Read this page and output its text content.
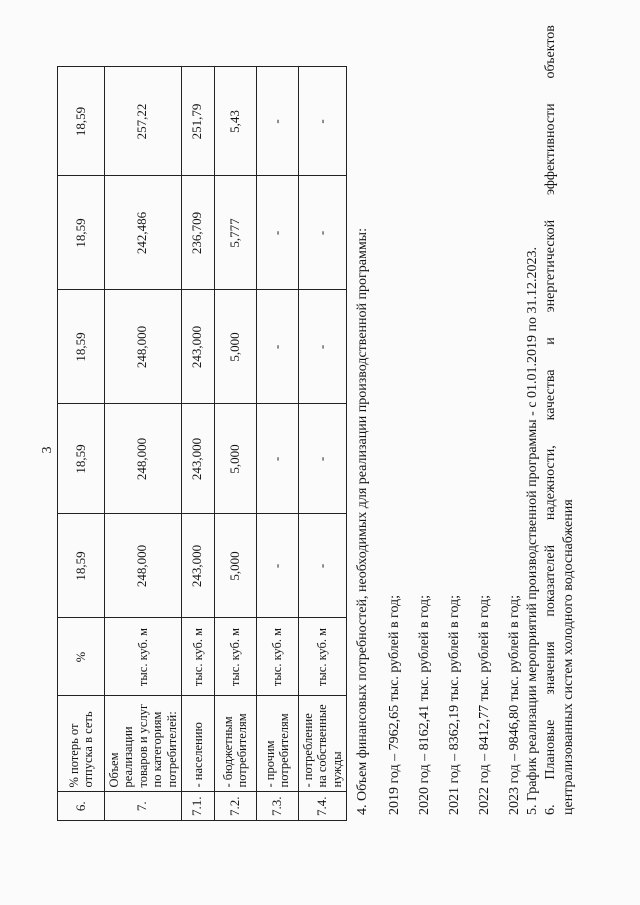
3
6.	% потерь от отпуска в сеть	%	18,59	18,59	18,59	18,59	18,59
7.	Объем реализации товаров и услуг по категориям потребителей:	тыс. куб. м	248,000	248,000	248,000	242,486	257,22
7.1.	- населению	тыс. куб. м	243,000	243,000	243,000	236,709	251,79
7.2.	- бюджетным потребителям	тыс. куб. м	5,000	5,000	5,000	5,777	5,43
7.3.	- прочим потребителям	тыс. куб. м	-	-	-	-	-
7.4.	- потребление на собственные нужды	тыс. куб. м	-	-	-	-	-
4. Объем финансовых потребностей, необходимых для реализации производственной программы: 2019 год – 7962,65 тыс. рублей в год; 2020 год – 8162,41 тыс. рублей в год; 2021 год – 8362,19 тыс. рублей в год; 2022 год – 8412,77 тыс. рублей в год; 2023 год – 9846,80 тыс. рублей в год; 5. График реализации мероприятий производственной программы - с 01.01.2019 по 31.12.2023. 6.
Плановые
значения
показателей
надежности,
качества
и
энергетической
эффективности
объектов
централизованных систем холодного водоснабжения
